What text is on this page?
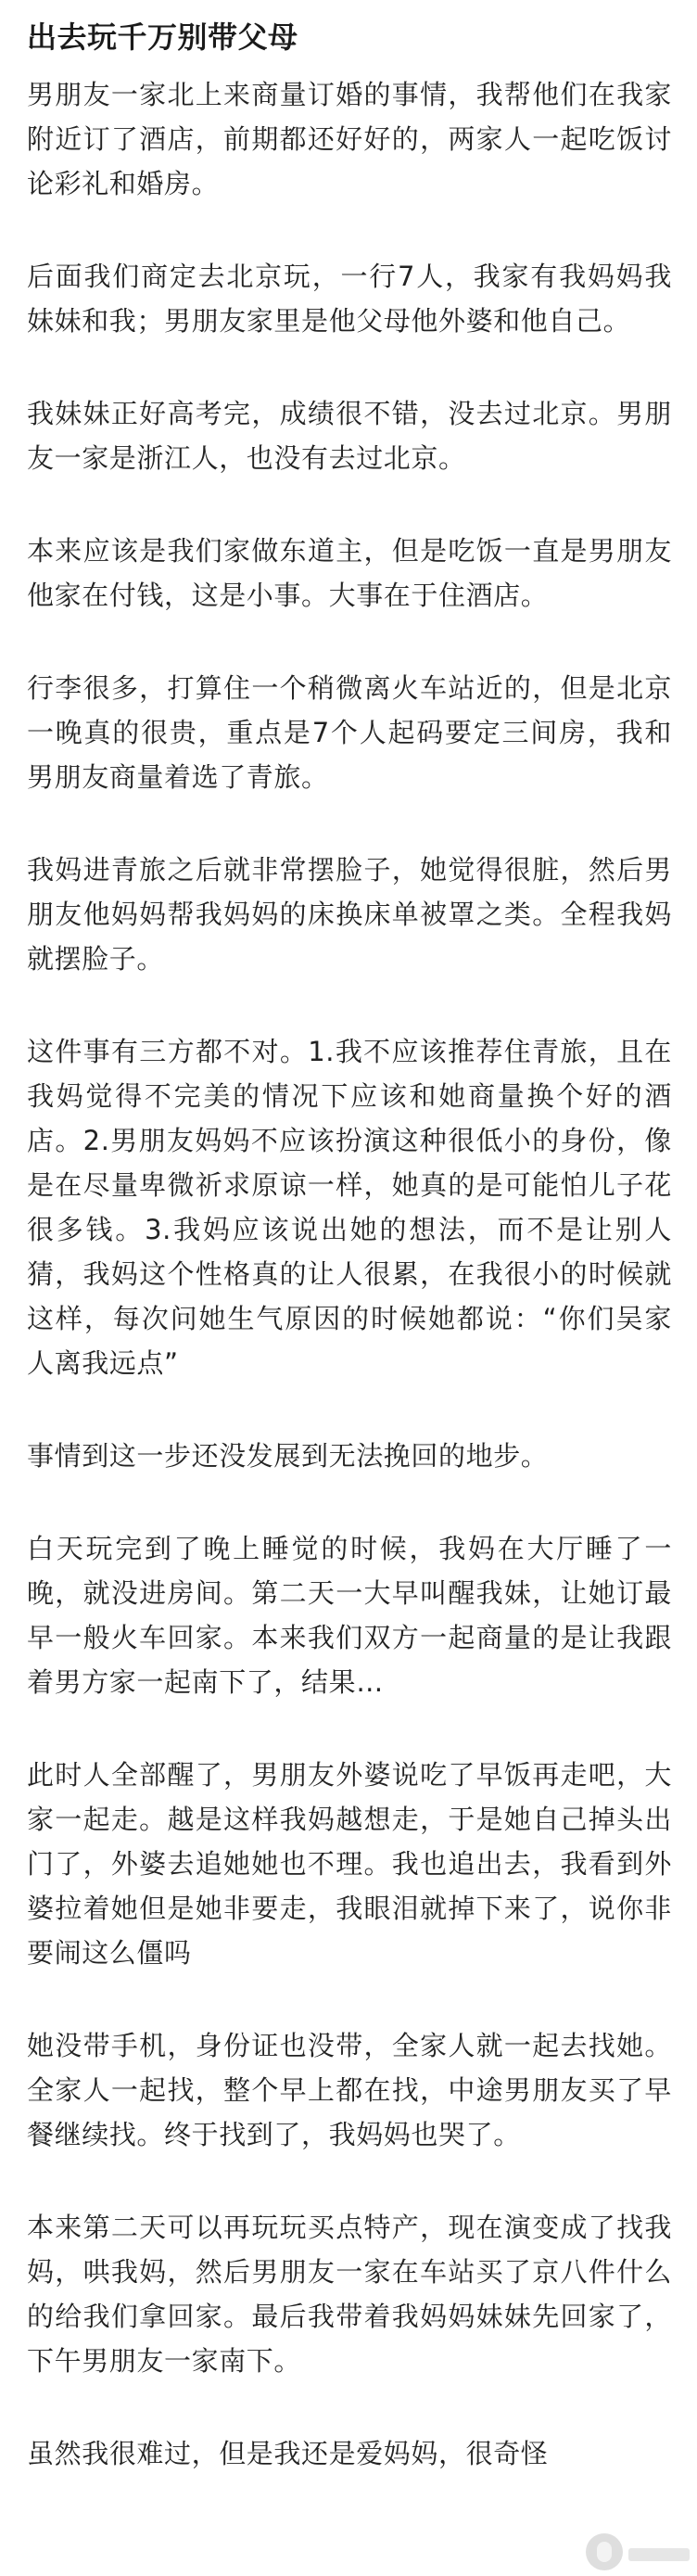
出去玩千万别带父母

男朋友一家北上来商量订婚的事情，我帮他们在我家附近订了酒店，前期都还好好的，两家人一起吃饭讨论彩礼和婚房。

后面我们商定去北京玩，一行7人，我家有我妈妈我妹妹和我；男朋友家里是他父母他外婆和他自己。

我妹妹正好高考完，成绩很不错，没去过北京。男朋友一家是浙江人，也没有去过北京。

本来应该是我们家做东道主，但是吃饭一直是男朋友他家在付钱，这是小事。大事在于住酒店。

行李很多，打算住一个稍微离火车站近的，但是北京一晚真的很贵，重点是7个人起码要定三间房，我和男朋友商量着选了青旅。

我妈进青旅之后就非常摆脸子，她觉得很脏，然后男朋友他妈妈帮我妈妈的床换床单被罩之类。全程我妈就摆脸子。

这件事有三方都不对。1.我不应该推荐住青旅，且在我妈觉得不完美的情况下应该和她商量换个好的酒店。2.男朋友妈妈不应该扮演这种很低小的身份，像是在尽量卑微祈求原谅一样，她真的是可能怕儿子花很多钱。3.我妈应该说出她的想法，而不是让别人猜，我妈这个性格真的让人很累，在我很小的时候就这样，每次问她生气原因的时候她都说：“你们吴家人离我远点”

事情到这一步还没发展到无法挽回的地步。

白天玩完到了晚上睡觉的时候，我妈在大厅睡了一晚，就没进房间。第二天一大早叫醒我妹，让她订最早一般火车回家。本来我们双方一起商量的是让我跟着男方家一起南下了，结果…

此时人全部醒了，男朋友外婆说吃了早饭再走吧，大家一起走。越是这样我妈越想走，于是她自己掉头出门了，外婆去追她她也不理。我也追出去，我看到外婆拉着她但是她非要走，我眼泪就掉下来了，说你非要闹这么僵吗

她没带手机，身份证也没带，全家人就一起去找她。全家人一起找，整个早上都在找，中途男朋友买了早餐继续找。终于找到了，我妈妈也哭了。

本来第二天可以再玩玩买点特产，现在演变成了找我妈，哄我妈，然后男朋友一家在车站买了京八件什么的给我们拿回家。最后我带着我妈妈妹妹先回家了，下午男朋友一家南下。

虽然我很难过，但是我还是爱妈妈，很奇怪
